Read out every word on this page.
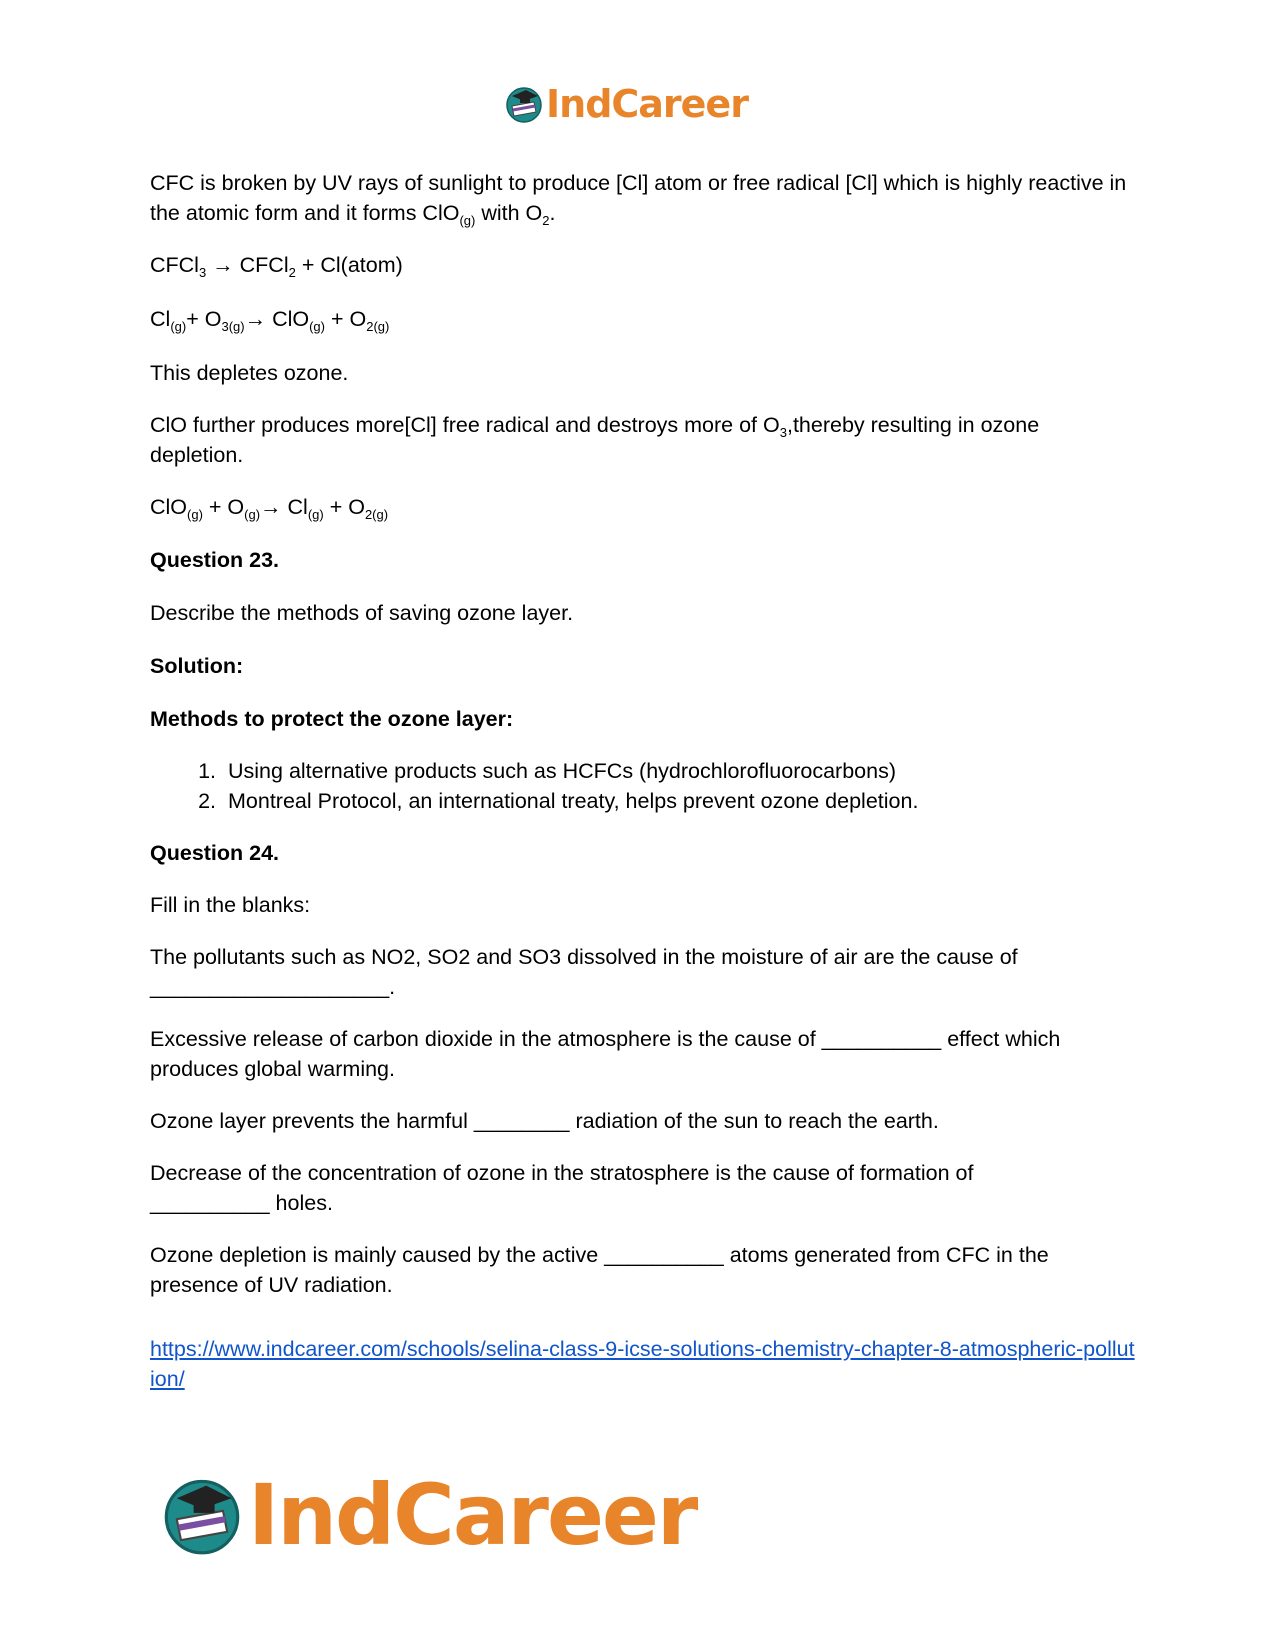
IndCareer

CFC is broken by UV rays of sunlight to produce [Cl] atom or free radical [Cl] which is highly reactive in the atomic form and it forms ClO$_{(g)}$ with $O_2$.

CFCl$_3$ → CFCl$_2$ + Cl(atom)

$Cl_{(g)}+ O_{3(g)}\to ClO_{(g)} + O_{2(g)}$

This depletes ozone.

ClO further produces more[Cl] free radical and destroys more of $O_3,thereby$ resulting in ozone depletion.

$ClO_{(g)} + O_{(g)}\to Cl_{(g)} + O_{2(g)}$

Question 23.
Describe the methods of saving ozone layer.
Solution:
Methods to protect the ozone layer:
1. Using alternative products such as HCFCs (hydrochlorofluorocarbons)
2. Montreal Protocol, an international treaty, helps prevent ozone depletion.
Question 24.
Fill in the blanks:
The pollutants such as NO2, SO2 and SO3 dissolved in the moisture of air are the cause of ____________________.
Excessive release of carbon dioxide in the atmosphere is the cause of __________ effect which produces global warming.
Ozone layer prevents the harmful ________ radiation of the sun to reach the earth.
Decrease of the concentration of ozone in the stratosphere is the cause of formation of __________ holes.
Ozone depletion is mainly caused by the active __________ atoms generated from CFC in the presence of UV radiation.
https://www.indcareer.com/schools/selina-class-9-icse-solutions-chemistry-chapter-8-atmospheric-pollution/
IndCareer
